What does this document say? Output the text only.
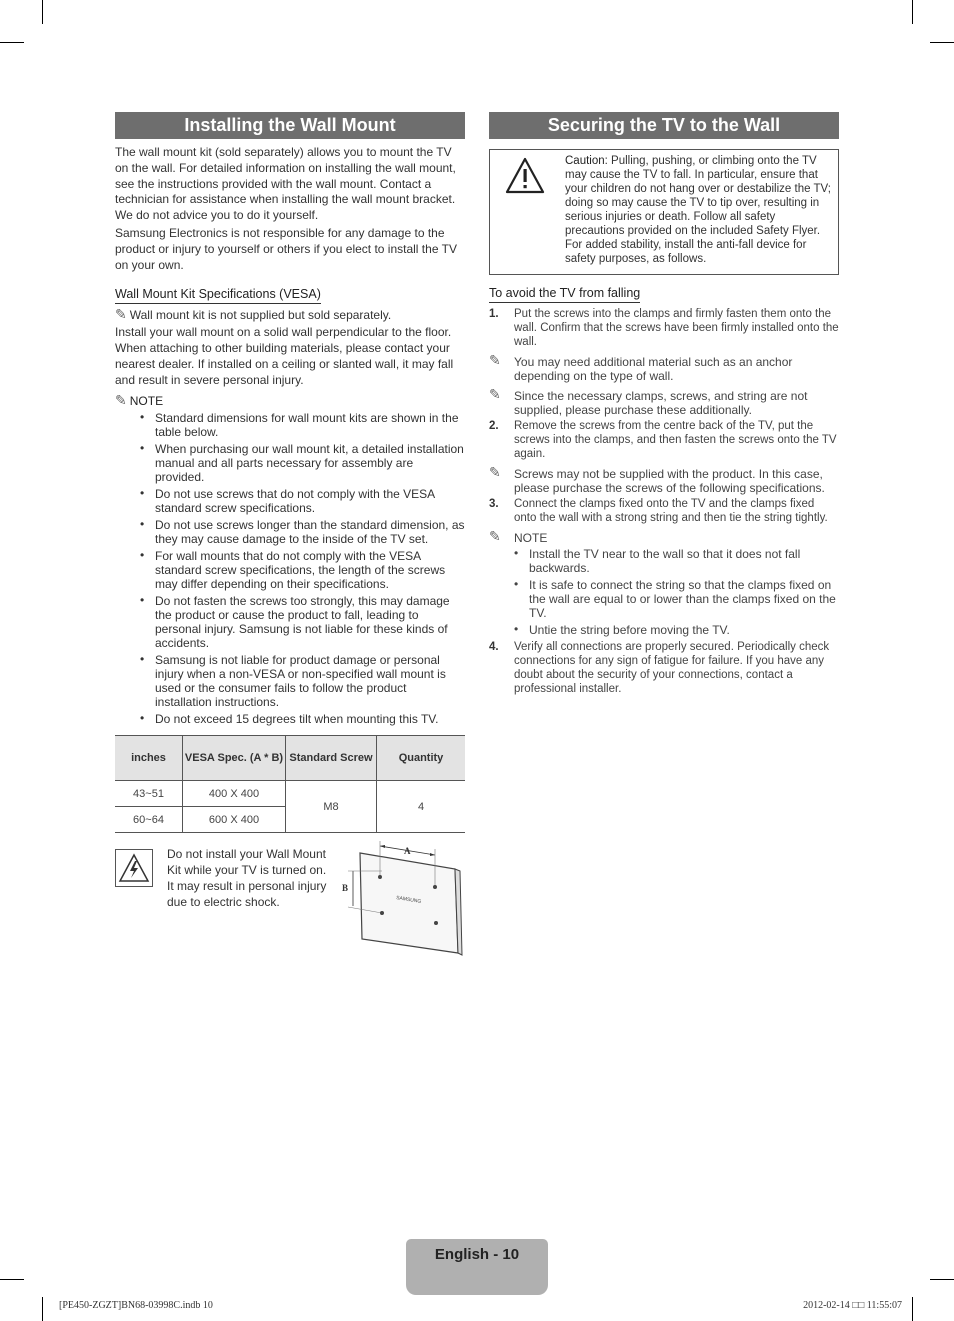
Installing the Wall Mount

The wall mount kit (sold separately) allows you to mount the TV on the wall. For detailed information on installing the wall mount, see the instructions provided with the wall mount. Contact a technician for assistance when installing the wall mount bracket. We do not advice you to do it yourself.

Samsung Electronics is not responsible for any damage to the product or injury to yourself or others if you elect to install the TV on your own.

Wall Mount Kit Specifications (VESA)

✎ Wall mount kit is not supplied but sold separately.

Install your wall mount on a solid wall perpendicular to the floor. When attaching to other building materials, please contact your nearest dealer. If installed on a ceiling or slanted wall, it may fall and result in severe personal injury.

✎ NOTE

• Standard dimensions for wall mount kits are shown in the table below.
• When purchasing our wall mount kit, a detailed installation manual and all parts necessary for assembly are provided.
• Do not use screws that do not comply with the VESA standard screw specifications.
• Do not use screws longer than the standard dimension, as they may cause damage to the inside of the TV set.
• For wall mounts that do not comply with the VESA standard screw specifications, the length of the screws may differ depending on their specifications.
• Do not fasten the screws too strongly, this may damage the product or cause the product to fall, leading to personal injury. Samsung is not liable for these kinds of accidents.
• Samsung is not liable for product damage or personal injury when a non-VESA or non-specified wall mount is used or the consumer fails to follow the product installation instructions.
• Do not exceed 15 degrees tilt when mounting this TV.
inches	VESA Spec. (A * B)	Standard Screw	Quantity
43~51	400 X 400	M8	4
60~64	600 X 400		

Do not install your Wall Mount Kit while your TV is turned on. It may result in personal injury due to electric shock.

A
B
SAMSUNG
Securing the TV to the Wall

Caution: Pulling, pushing, or climbing onto the TV may cause the TV to fall. In particular, ensure that your children do not hang over or destabilize the TV; doing so may cause the TV to tip over, resulting in serious injuries or death. Follow all safety precautions provided on the included Safety Flyer. For added stability, install the anti-fall device for safety purposes, as follows.

To avoid the TV from falling
1. Put the screws into the clamps and firmly fasten them onto the wall. Confirm that the screws have been firmly installed onto the wall.
✎ You may need additional material such as an anchor depending on the type of wall.
✎ Since the necessary clamps, screws, and string are not supplied, please purchase these additionally.
2. Remove the screws from the centre back of the TV, put the screws into the clamps, and then fasten the screws onto the TV again.
✎ Screws may not be supplied with the product. In this case, please purchase the screws of the following specifications.
3. Connect the clamps fixed onto the TV and the clamps fixed onto the wall with a strong string and then tie the string tightly.
✎ NOTE
• Install the TV near to the wall so that it does not fall backwards.
• It is safe to connect the string so that the clamps fixed on the wall are equal to or lower than the clamps fixed on the TV.
• Untie the string before moving the TV.
4. Verify all connections are properly secured. Periodically check connections for any sign of fatigue for failure. If you have any doubt about the security of your connections, contact a professional installer.
English - 10
[PE450-ZGZT]BN68-03998C.indb 10	2012-02-14 □□ 11:55:07
